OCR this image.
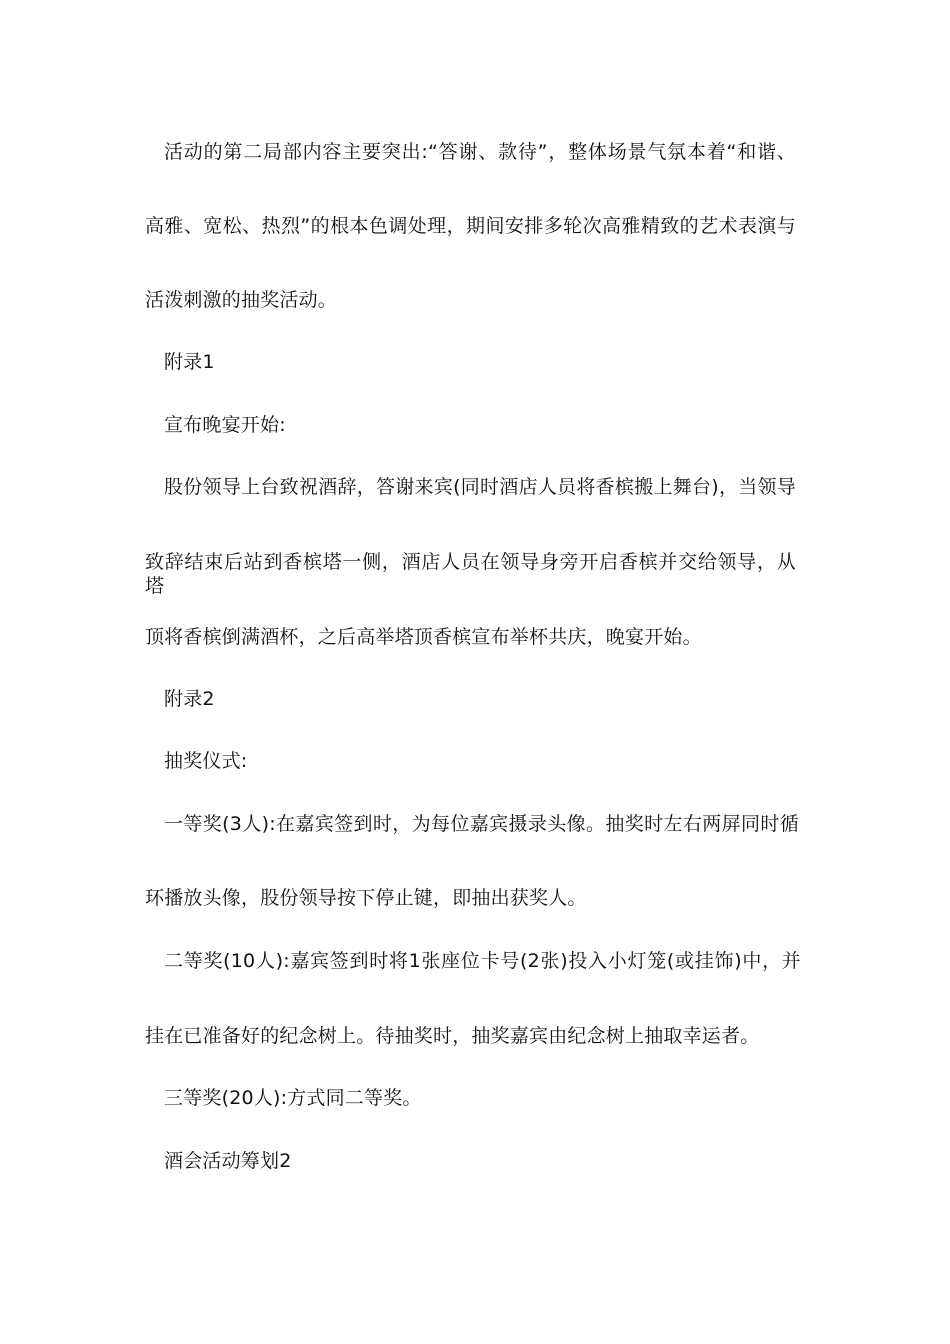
活动的第二局部内容主要突出:“答谢、款待”，整体场景气氛本着“和谐、
高雅、宽松、热烈”的根本色调处理，期间安排多轮次高雅精致的艺术表演与
活泼刺激的抽奖活动。
附录1
宣布晚宴开始:
股份领导上台致祝酒辞，答谢来宾(同时酒店人员将香槟搬上舞台)，当领导
致辞结束后站到香槟塔一侧，酒店人员在领导身旁开启香槟并交给领导，从塔
顶将香槟倒满酒杯，之后高举塔顶香槟宣布举杯共庆，晚宴开始。
附录2
抽奖仪式:
一等奖(3人):在嘉宾签到时，为每位嘉宾摄录头像。抽奖时左右两屏同时循
环播放头像，股份领导按下停止键，即抽出获奖人。
二等奖(10人):嘉宾签到时将1张座位卡号(2张)投入小灯笼(或挂饰)中，并
挂在已准备好的纪念树上。待抽奖时，抽奖嘉宾由纪念树上抽取幸运者。
三等奖(20人):方式同二等奖。
酒会活动筹划2
